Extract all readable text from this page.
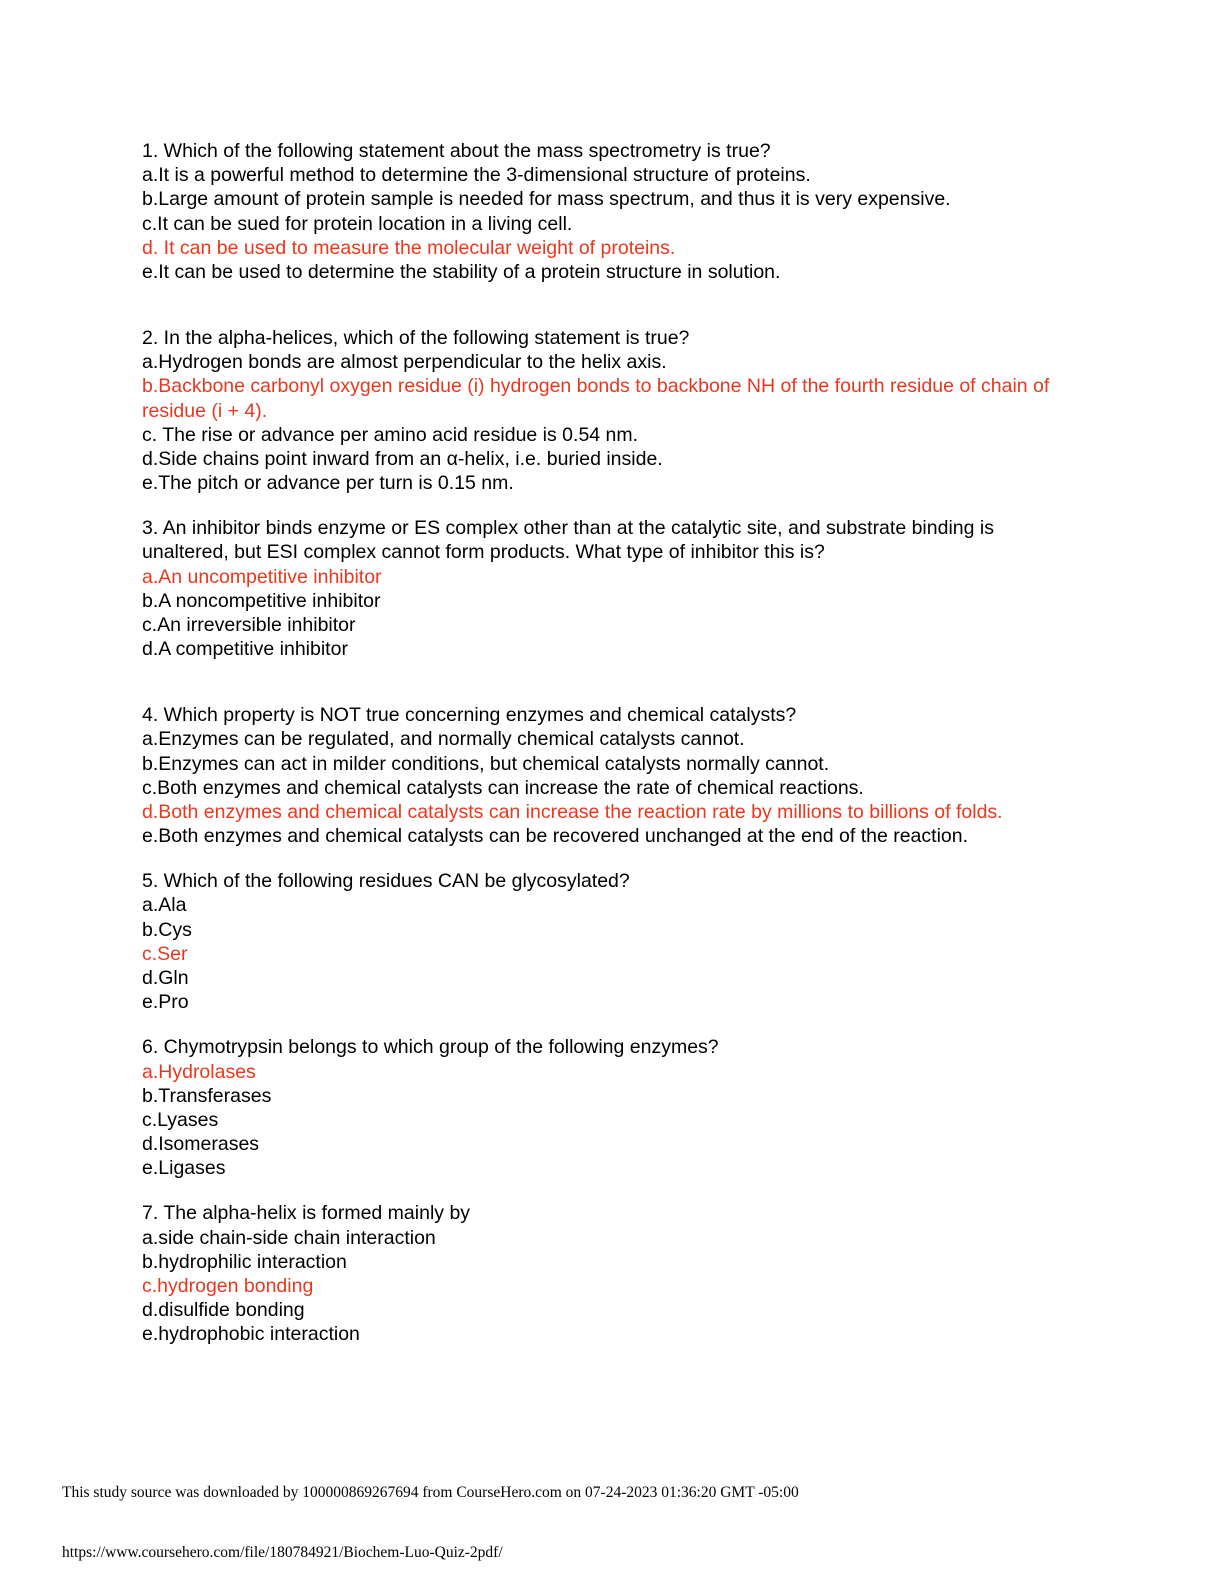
1. Which of the following statement about the mass spectrometry is true?

a.It is a powerful method to determine the 3-dimensional structure of proteins.

b.Large amount of protein sample is needed for mass spectrum, and thus it is very expensive.

c.It can be sued for protein location in a living cell.

d. It can be used to measure the molecular weight of proteins.

e.It can be used to determine the stability of a protein structure in solution.

2. In the alpha-helices, which of the following statement is true?

a.Hydrogen bonds are almost perpendicular to the helix axis.

b.Backbone carbonyl oxygen residue (i) hydrogen bonds to backbone NH of the fourth residue of chain of residue (i + 4).

c. The rise or advance per amino acid residue is 0.54 nm.

d.Side chains point inward from an α-helix, i.e. buried inside.

e.The pitch or advance per turn is 0.15 nm.

3. An inhibitor binds enzyme or ES complex other than at the catalytic site, and substrate binding is unaltered, but ESI complex cannot form products. What type of inhibitor this is?

a.An uncompetitive inhibitor

b.A noncompetitive inhibitor

c.An irreversible inhibitor

d.A competitive inhibitor

4. Which property is NOT true concerning enzymes and chemical catalysts?

a.Enzymes can be regulated, and normally chemical catalysts cannot.

b.Enzymes can act in milder conditions, but chemical catalysts normally cannot.

c.Both enzymes and chemical catalysts can increase the rate of chemical reactions.

d.Both enzymes and chemical catalysts can increase the reaction rate by millions to billions of folds.

e.Both enzymes and chemical catalysts can be recovered unchanged at the end of the reaction.

5. Which of the following residues CAN be glycosylated?

a.Ala

b.Cys

c.Ser

d.Gln

e.Pro

6. Chymotrypsin belongs to which group of the following enzymes?

a.Hydrolases

b.Transferases

c.Lyases

d.Isomerases

e.Ligases

7. The alpha-helix is formed mainly by

a.side chain-side chain interaction

b.hydrophilic interaction

c.hydrogen bonding

d.disulfide bonding

e.hydrophobic interaction

This study source was downloaded by 100000869267694 from CourseHero.com on 07-24-2023 01:36:20 GMT -05:00
https://www.coursehero.com/file/180784921/Biochem-Luo-Quiz-2pdf/
